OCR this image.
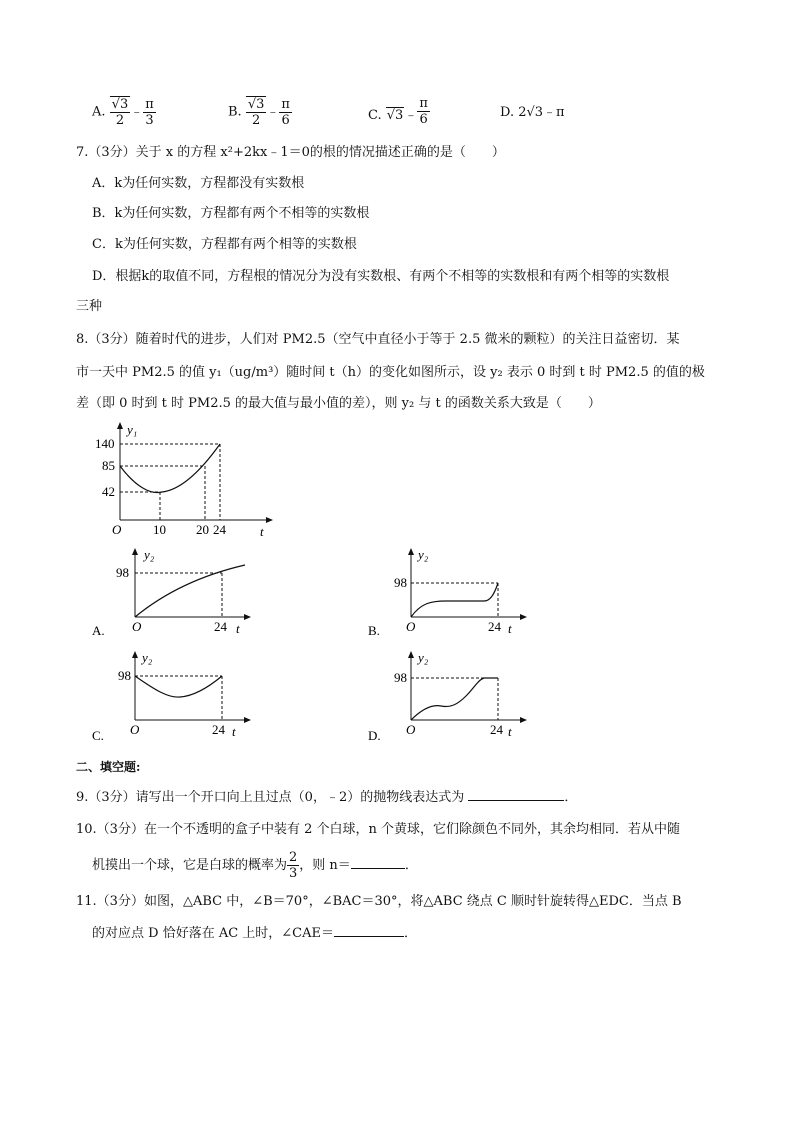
A. $\frac{√3}{2}$ ﹣ $\frac{\pi}{3}$	B. $\frac{√3}{2}$ ﹣ $\frac{\pi}{6}$	C. √3﹣ $\frac{\pi}{6}$	D. 2√3﹣π
7.（3分）关于 x 的方程 x²+2kx﹣1＝0的根的情况描述正确的是（　　）
A．k为任何实数，方程都没有实数根
B．k为任何实数，方程都有两个不相等的实数根
C．k为任何实数，方程都有两个相等的实数根
D．根据k的取值不同，方程根的情况分为没有实数根、有两个不相等的实数根和有两个相等的实数根
三种
8.（3分）随着时代的进步，人们对 PM2.5（空气中直径小于等于 2.5 微米的颗粒）的关注日益密切．某
市一天中 PM2.5 的值 y₁（ug/m³）随时间 t（h）的变化如图所示，设 y₂ 表示 0 时到 t 时 PM2.5 的值的极
差（即 0 时到 t 时 PM2.5 的最大值与最小值的差），则 y₂ 与 t 的函数关系大致是（　　）
y₁
140
85
42
O 10 20 24	t
y₂
98
O	24 t
A.
y₂
98
O	24 t
B.
y₂
98
O	24 t
C.
y₂
98
O	24 t
D.
二、填空题:
9.（3分）请写出一个开口向上且过点（0，﹣2）的抛物线表达式为	．
10.（3分）在一个不透明的盒子中装有 2 个白球，n 个黄球，它们除颜色不同外，其余均相同．若从中随
机摸出一个球，它是白球的概率为 $\frac{2}{3}$ ，则 n＝	．
11.（3分）如图，△ABC 中，∠B＝70°，∠BAC＝30°，将△ABC 绕点 C 顺时针旋转得△EDC．当点 B
的对应点 D 恰好落在 AC 上时，∠CAE＝	．
